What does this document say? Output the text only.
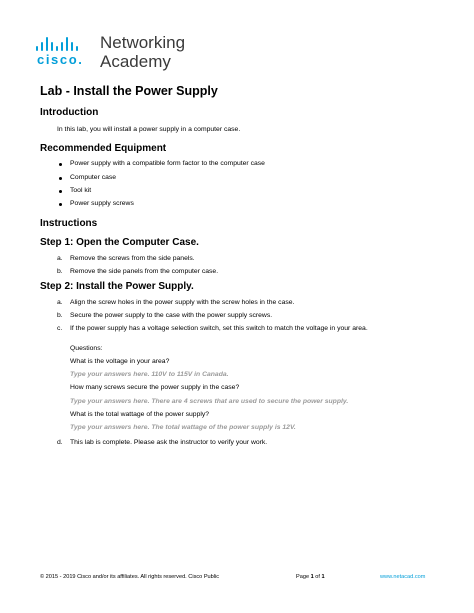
cisco.
Networking
Academy
Lab - Install the Power Supply
Introduction
In this lab, you will install a power supply in a computer case.
Recommended Equipment
Power supply with a compatible form factor to the computer case
Computer case
Tool kit
Power supply screws
Instructions
Step 1: Open the Computer Case.
a. Remove the screws from the side panels.
b. Remove the side panels from the computer case.
Step 2: Install the Power Supply.
a. Align the screw holes in the power supply with the screw holes in the case.
b. Secure the power supply to the case with the power supply screws.
c. If the power supply has a voltage selection switch, set this switch to match the voltage in your area.
Questions:
What is the voltage in your area?
Type your answers here. 110V to 115V in Canada.
How many screws secure the power supply in the case?
Type your answers here. There are 4 screws that are used to secure the power supply.
What is the total wattage of the power supply?
Type your answers here. The total wattage of the power supply is 12V.
d. This lab is complete. Please ask the instructor to verify your work.
© 2015 - 2019 Cisco and/or its affiliates. All rights reserved. Cisco Public	Page 1 of 1	www.netacad.com
